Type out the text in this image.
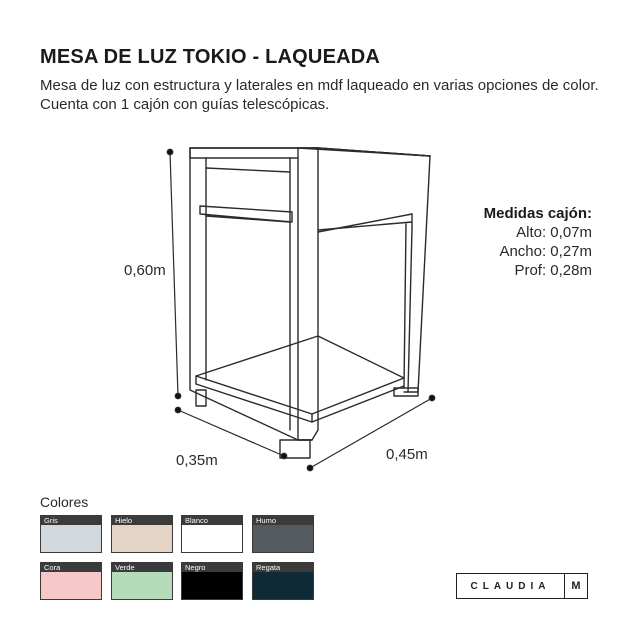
MESA DE LUZ TOKIO - LAQUEADA
Mesa de luz con estructura y laterales en mdf laqueado en varias opciones de color.
Cuenta con 1 cajón con guías telescópicas.
0,60m
0,35m	0,45m
Medidas cajón:
Alto: 0,07m
Ancho: 0,27m
Prof: 0,28m
Colores
Gris	Hielo	Blanco	Humo
Cora	Verde	Negro	Regata
CLAUDIA	M
